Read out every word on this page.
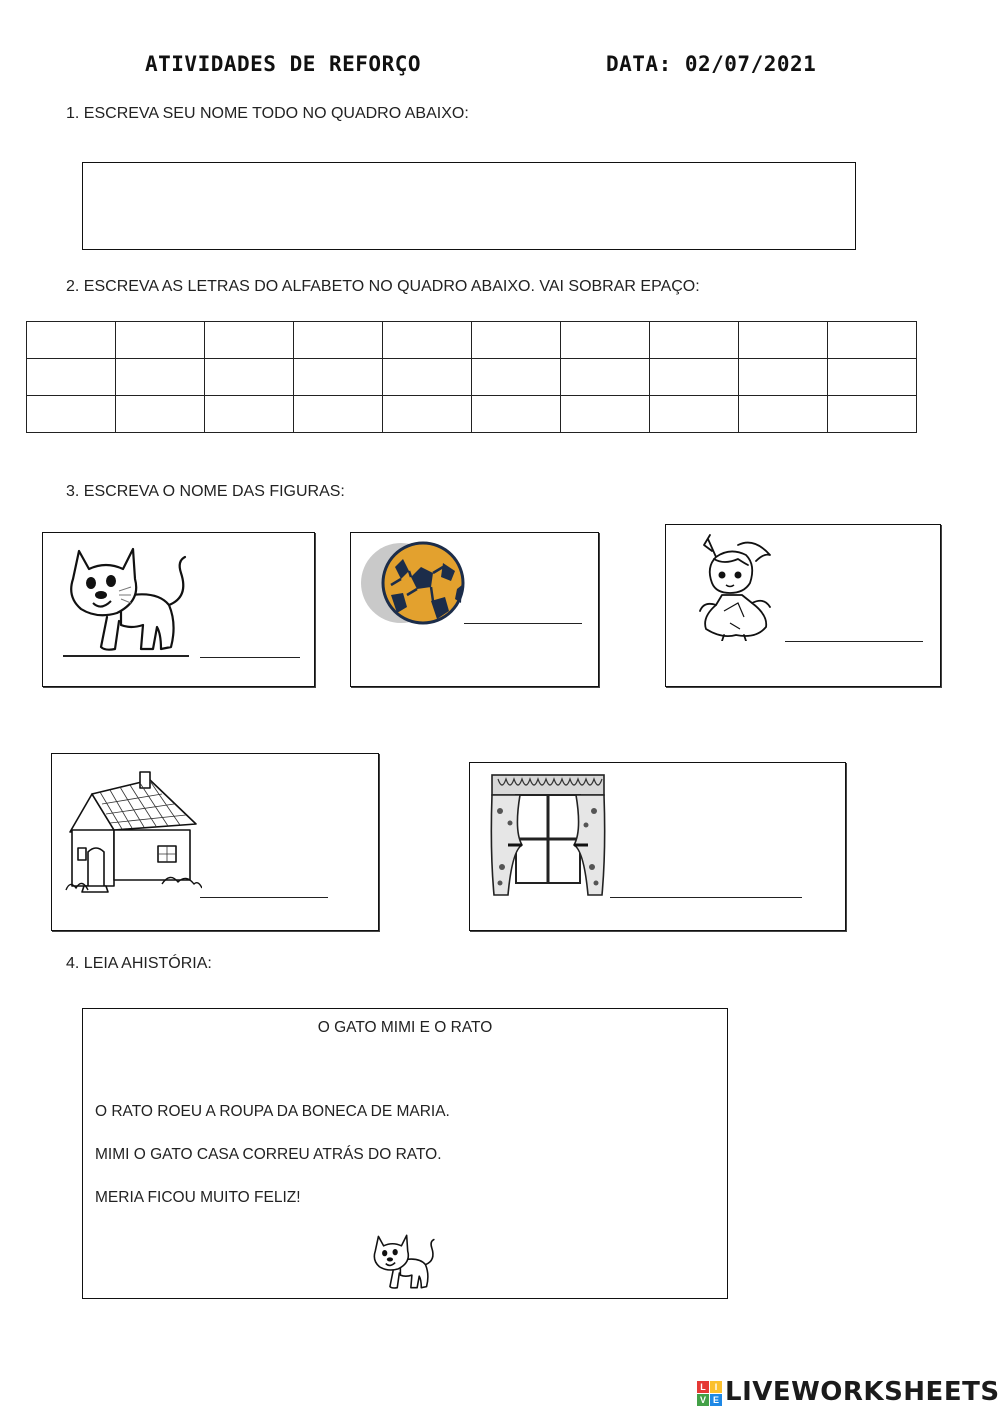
ATIVIDADES DE REFORÇO	DATA: 02/07/2021
1. ESCREVA SEU NOME TODO NO QUADRO ABAIXO:
2. ESCREVA AS LETRAS DO ALFABETO NO QUADRO ABAIXO. VAI SOBRAR EPAÇO:

3. ESCREVA O NOME DAS FIGURAS:
4. LEIA AHISTÓRIA:
O GATO MIMI E O RATO
O RATO ROEU A ROUPA DA BONECA DE MARIA.
MIMI O GATO CASA CORREU ATRÁS DO RATO.
MERIA FICOU MUITO FELIZ!
L I
V E LIVEWORKSHEETS
